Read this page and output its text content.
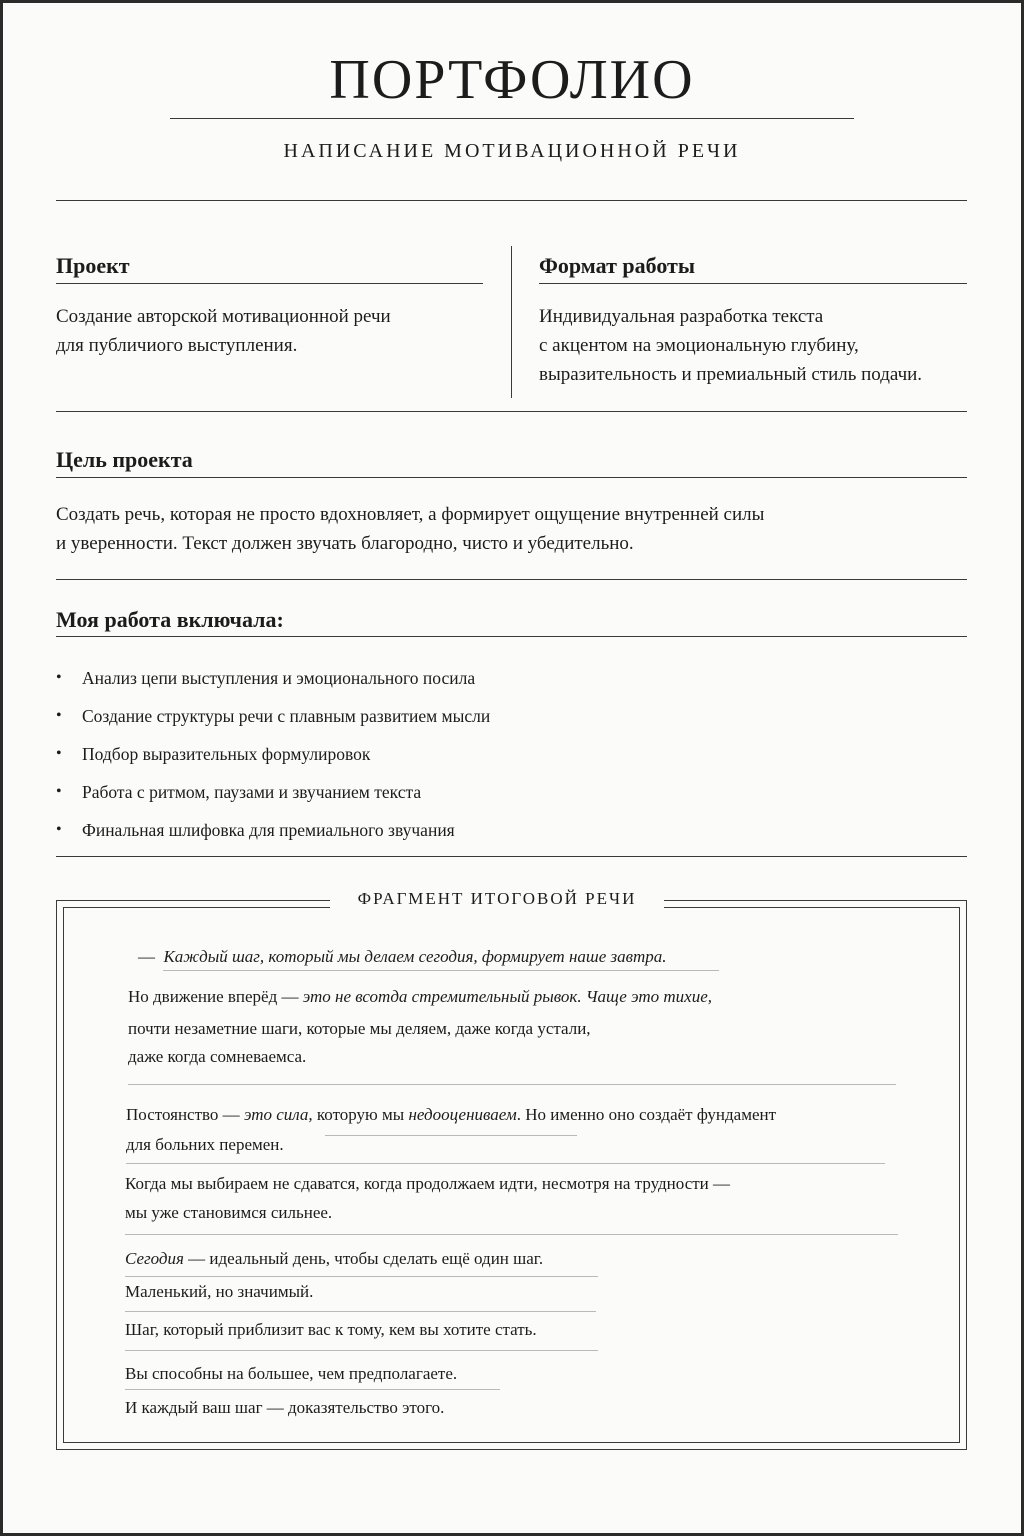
ПОРТФОЛИО
НАПИСАНИЕ МОТИВАЦИОННОЙ РЕЧИ
Проект

Создание авторской мотивационной речи
для публичиого выступления.

Формат работы

Индивидуальная разработка текста
с акцентом на эмоциональную глубину,
выразительность и премиальный стиль подачи.

Цель проекта

Создать речь, которая не просто вдохновляет, а формирует ощущение внутренней силы
и уверенности. Текст должен звучать благородно, чисто и убедительно.

Моя работа включала:
• Анализ цепи выступления и эмоционального посила
• Создание структуры речи с плавным развитием мысли
• Подбор выразительных формулировок
• Работа с ритмом, паузами и звучанием текста
• Финальная шлифовка для премиального звучания
ФРАГМЕНТ ИТОГОВОЙ РЕЧИ
— Каждый шаг, который мы делаем сегодия, формирует наше завтра.
Но движение вперёд — это не всотда стремительный рывок. Чаще это тихие,
почти незаметние шаги, которые мы деляем, даже когда устали,
даже когда сомневаемса.
Постоянство — это сила, которую мы недооцениваем. Но именно оно создаёт фундамент
для больних перемен.
Когда мы выбираем не сдаватся, когда продолжаем идти, несмотря на трудности —
мы уже становимся сильнее.
Сегодия — идеальный день, чтобы сделать ещё один шаг.
Маленький, но значимый.
Шаг, который приблизит вас к тому, кем вы хотите стать.
Вы способны на большее, чем предполагаете.
И каждый ваш шаг — доказятельство этого.
